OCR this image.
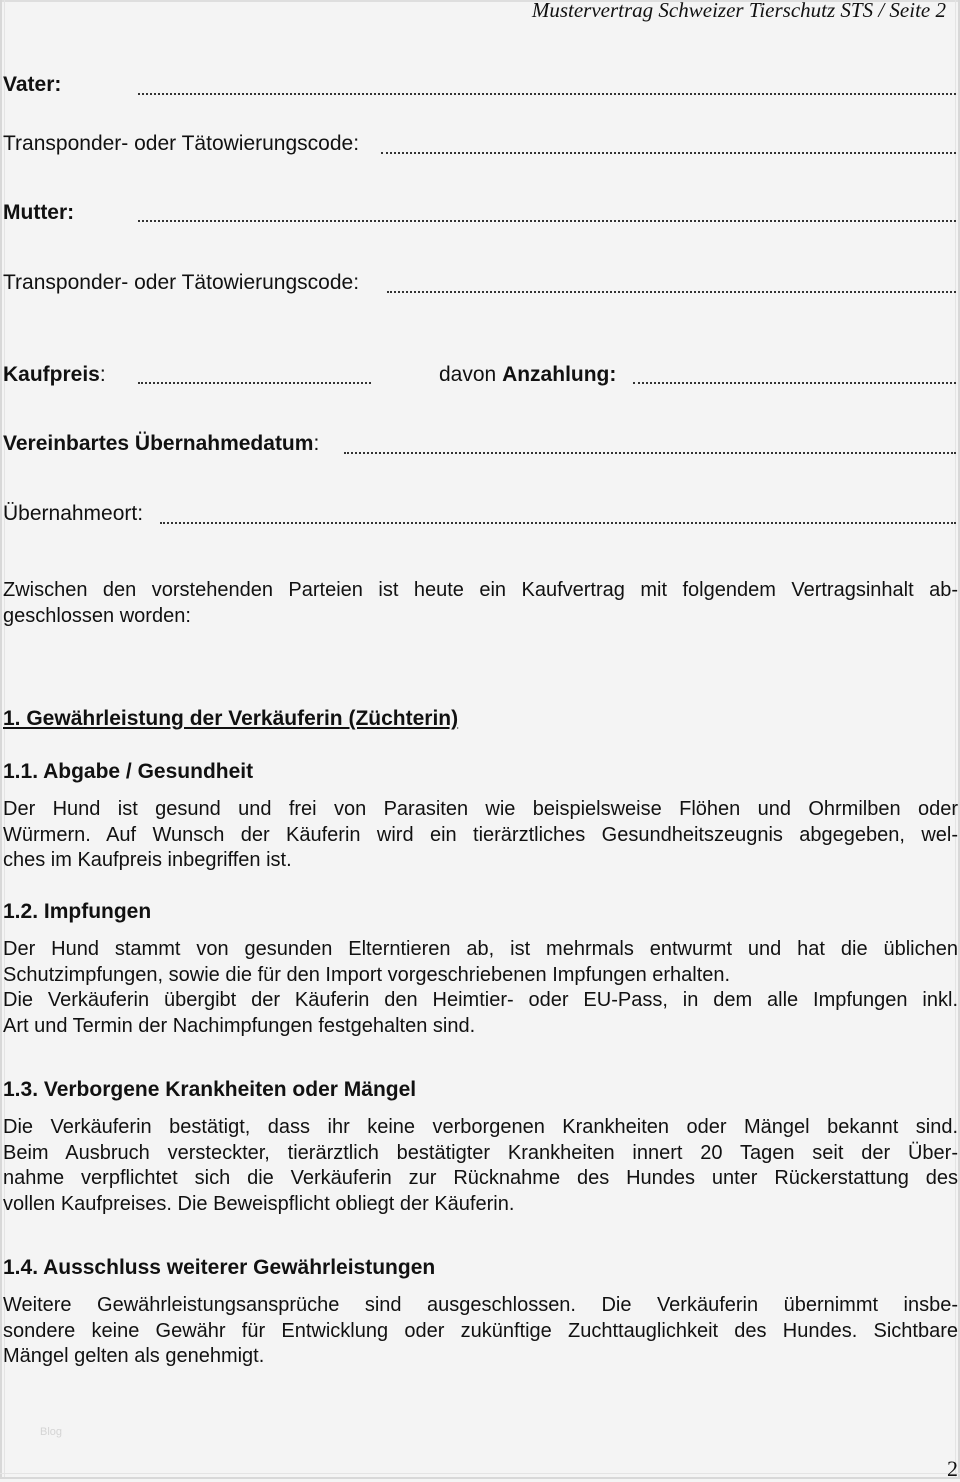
Mustervertrag Schweizer Tierschutz STS / Seite 2
Vater:
Transponder- oder Tätowierungscode:
Mutter:
Transponder- oder Tätowierungscode:
Kaufpreis:	davon Anzahlung:
Vereinbartes Übernahmedatum:
Übernahmeort:
Zwischen den vorstehenden Parteien ist heute ein Kaufvertrag mit folgendem Vertragsinhalt ab-
geschlossen worden:
1. Gewährleistung der Verkäuferin (Züchterin)
1.1. Abgabe / Gesundheit
Der Hund ist gesund und frei von Parasiten wie beispielsweise Flöhen und Ohrmilben oder
Würmern. Auf Wunsch der Käuferin wird ein tierärztliches Gesundheitszeugnis abgegeben, wel-
ches im Kaufpreis inbegriffen ist.
1.2. Impfungen
Der Hund stammt von gesunden Elterntieren ab, ist mehrmals entwurmt und hat die üblichen
Schutzimpfungen, sowie die für den Import vorgeschriebenen Impfungen erhalten.
Die Verkäuferin übergibt der Käuferin den Heimtier- oder EU-Pass, in dem alle Impfungen inkl.
Art und Termin der Nachimpfungen festgehalten sind.
1.3. Verborgene Krankheiten oder Mängel
Die Verkäuferin bestätigt, dass ihr keine verborgenen Krankheiten oder Mängel bekannt sind.
Beim Ausbruch versteckter, tierärztlich bestätigter Krankheiten innert 20 Tagen seit der Über-
nahme verpflichtet sich die Verkäuferin zur Rücknahme des Hundes unter Rückerstattung des
vollen Kaufpreises. Die Beweispflicht obliegt der Käuferin.
1.4. Ausschluss weiterer Gewährleistungen
Weitere Gewährleistungsansprüche sind ausgeschlossen. Die Verkäuferin übernimmt insbe-
sondere keine Gewähr für Entwicklung oder zukünftige Zuchttauglichkeit des Hundes. Sichtbare
Mängel gelten als genehmigt.
Blog
2
